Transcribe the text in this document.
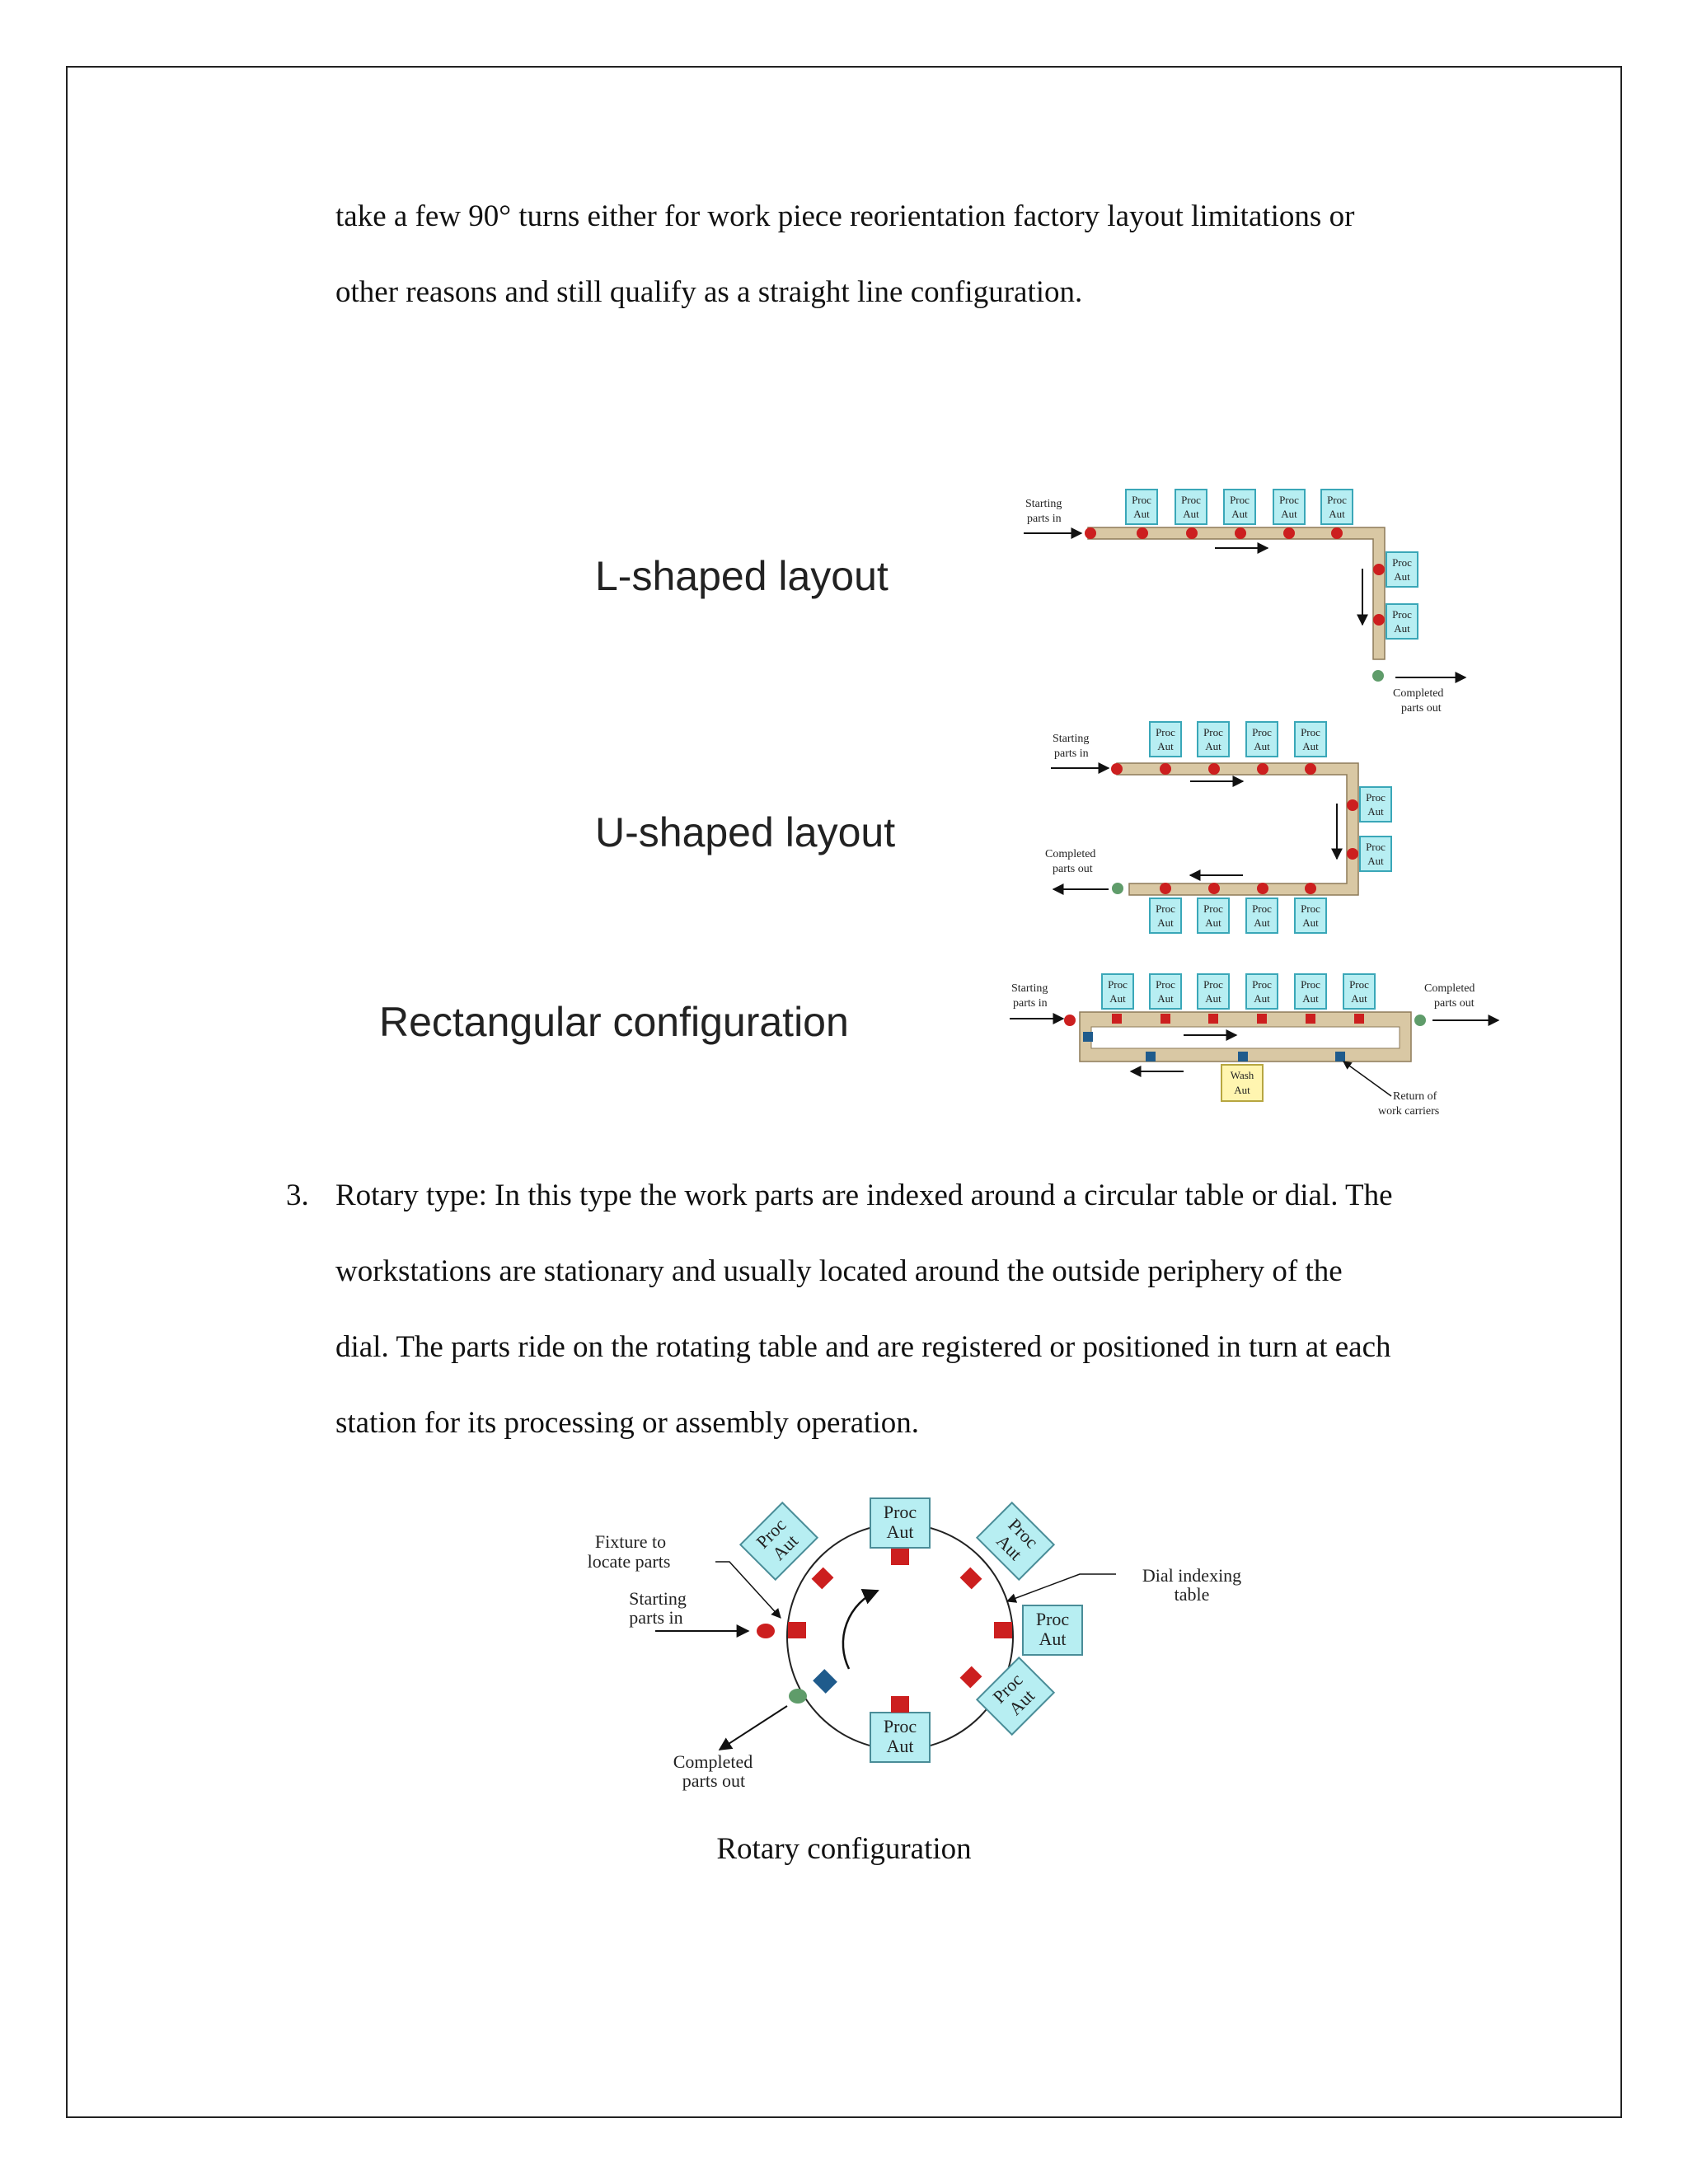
take a few 90° turns either for work piece reorientation factory layout limitations or

other reasons and still qualify as a straight line configuration.

L-shaped layout
U-shaped layout
Rectangular configuration
Starting
parts in
Completed
parts out
Starting
parts in
Completed
parts out
Starting
parts in
Completed
parts out
Wash
Aut
Return of
work carriers
3. Rotary type: In this type the work parts are indexed around a circular table or dial. The

workstations are stationary and usually located around the outside periphery of the

dial. The parts ride on the rotating table and are registered or positioned in turn at each

station for its processing or assembly operation.

Fixture to
locate parts
Starting
parts in
Completed
parts out
Dial indexing
table
Rotary configuration
